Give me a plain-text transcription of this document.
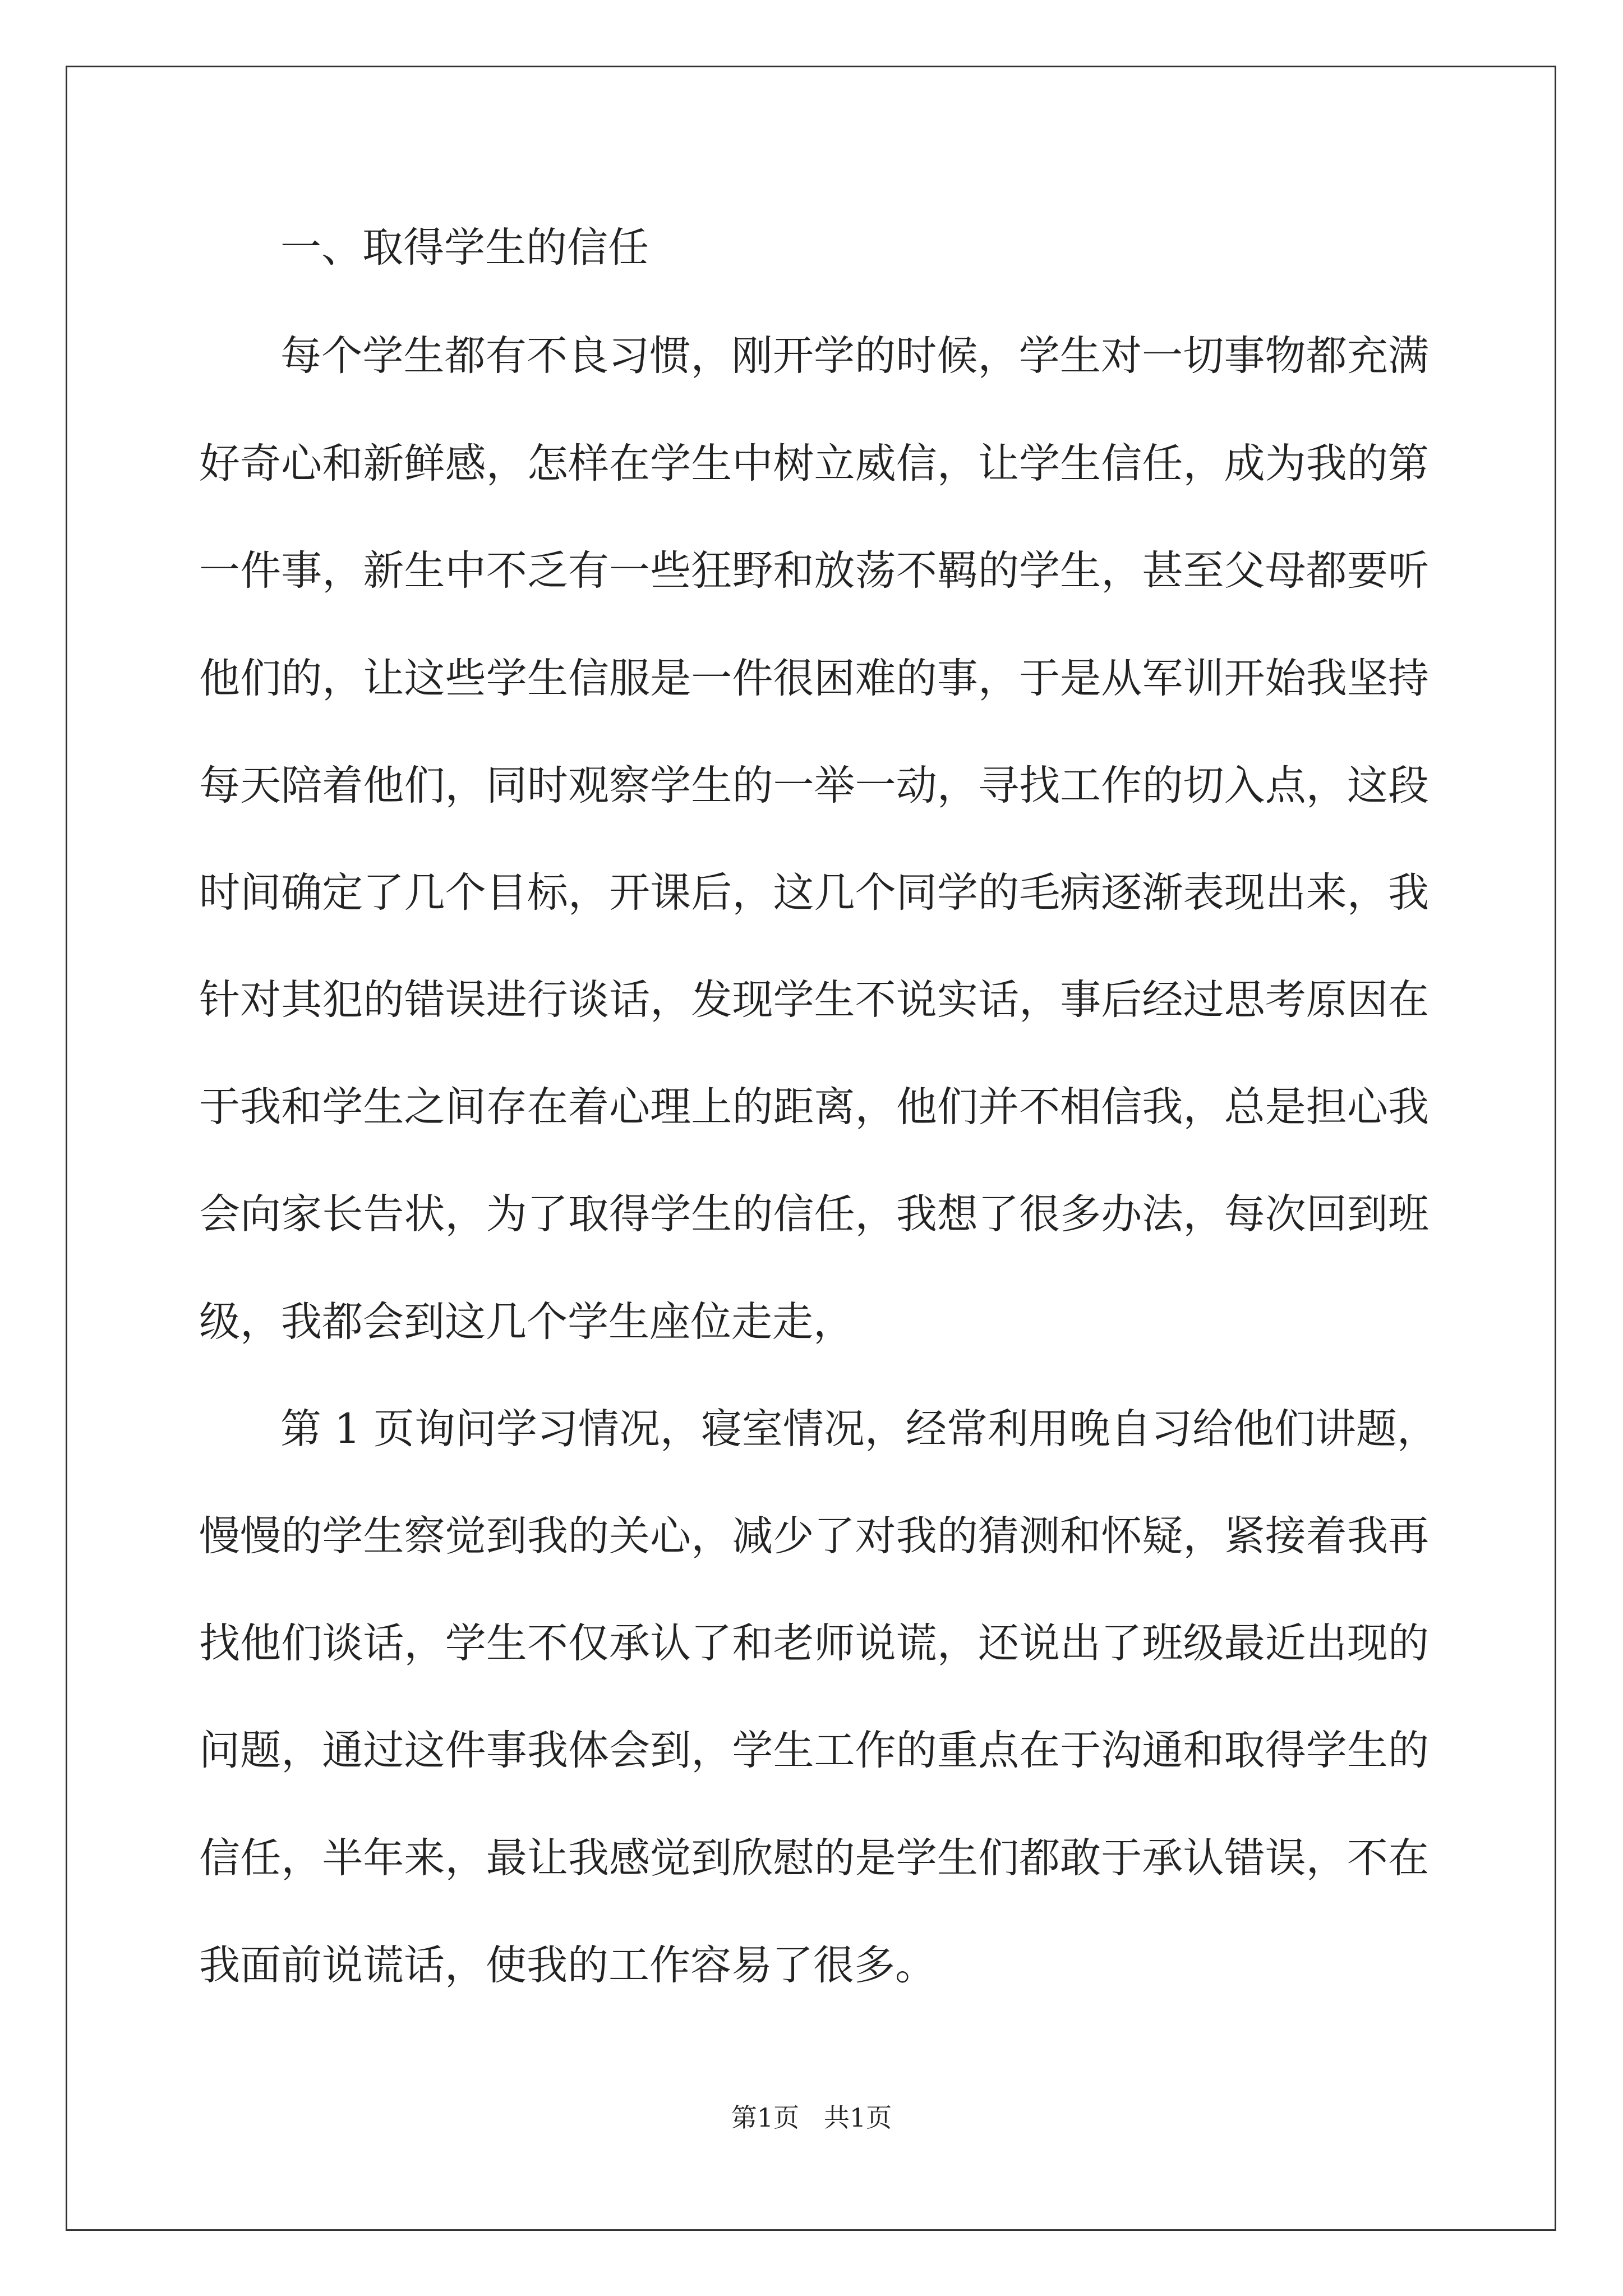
一、取得学生的信任

每个学生都有不良习惯，刚开学的时候，学生对一切事物都充满

好奇心和新鲜感，怎样在学生中树立威信，让学生信任，成为我的第

一件事，新生中不乏有一些狂野和放荡不羁的学生，甚至父母都要听

他们的，让这些学生信服是一件很困难的事，于是从军训开始我坚持

每天陪着他们，同时观察学生的一举一动，寻找工作的切入点，这段

时间确定了几个目标，开课后，这几个同学的毛病逐渐表现出来，我

针对其犯的错误进行谈话，发现学生不说实话，事后经过思考原因在

于我和学生之间存在着心理上的距离，他们并不相信我，总是担心我

会向家长告状，为了取得学生的信任，我想了很多办法，每次回到班

级，我都会到这几个学生座位走走，

第 1 页询问学习情况，寝室情况，经常利用晚自习给他们讲题，

慢慢的学生察觉到我的关心，减少了对我的猜测和怀疑，紧接着我再

找他们谈话，学生不仅承认了和老师说谎，还说出了班级最近出现的

问题，通过这件事我体会到，学生工作的重点在于沟通和取得学生的

信任，半年来，最让我感觉到欣慰的是学生们都敢于承认错误，不在

我面前说谎话，使我的工作容易了很多。

第1页   共1页
